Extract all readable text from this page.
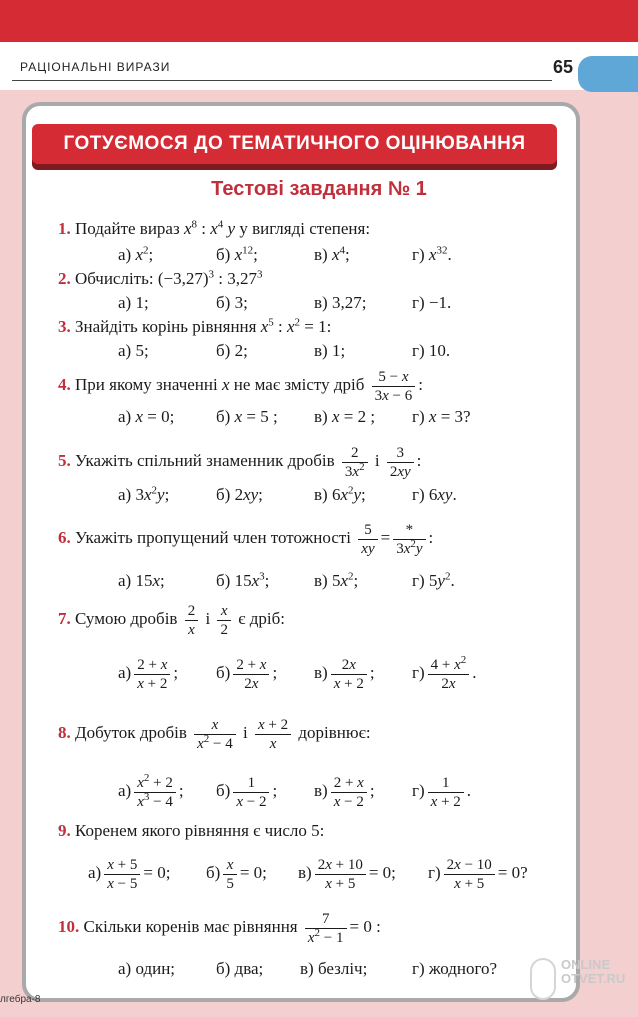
РАЦІОНАЛЬНІ ВИРАЗИ	65
ГОТУЄМОСЯ ДО ТЕМАТИЧНОГО ОЦІНЮВАННЯ
Тестові завдання № 1
1. Подайте вираз $x^8$ : $x^4$ у у вигляді степеня:
а) $x^2$;	б) $x^{12}$;	в) $x^4$;	г) $x^{32}$.
2. Обчисліть: $(-3,27)^3$ : 3,27$^3$
а) 1;	б) 3;	в) 3,27;	г) −1.
3. Знайдіть корінь рівняння $x^5$ : $x^2 = 1$:
а) 5;	б) 2;	в) 1;	г) 10.
4. При якому значенні x не має змісту дріб $\frac{5 - x}{3x - 6}$ :
а) x = 0; б) x = 5 ; в) x = 2 ; г) x = 3?
5. Укажіть спільний знаменник дробів $\frac{2}{3x^2}$ і $\frac{3}{2xy}$ :
а) $3x^2y$;	б) 2xy;	в) $6x^2y$;	г) 6xy.
6. Укажіть пропущений член тотожності $\frac{5}{xy} = \frac{*}{3x^2y}$ :
а) 15x;	б) $15x^3$;	в) $5x^2$;	г) $5y^2$.
7. Сумою дробів $\frac{2}{x}$ і $\frac{x}{2}$ є дріб:
$а) \frac{2 + x}{x + 2}$ ; $б) \frac{2 + x}{2x}$ ; $в) \frac{2x}{x + 2}$ ; $г) \frac{4 + x^2}{2x}$ .
8. Добуток дробів $\frac{x}{x^2 - 4}$ і $\frac{x + 2}{x}$ дорівнює:
$а) \frac{x^2 + 2}{x^3 - 4}$ ; $б) \frac{1}{x - 2}$ ; $в) \frac{2 + x}{x - 2}$ ; $г) \frac{1}{x + 2}$ .
9. Коренем якого рівняння є число 5:
$а) \frac{x + 5}{x - 5} = 0$; $б) \frac{x}{5} = 0$; $в) \frac{2x + 10}{x + 5} = 0$; $г) \frac{2x - 10}{x + 5} = 0$?
10. Скільки коренів має рівняння $\frac{7}{x^2 - 1} = 0$ :
а) один; б) два; в) безліч;	г) жодного?	ONLINE
OTVET.RU
лгебра-8
